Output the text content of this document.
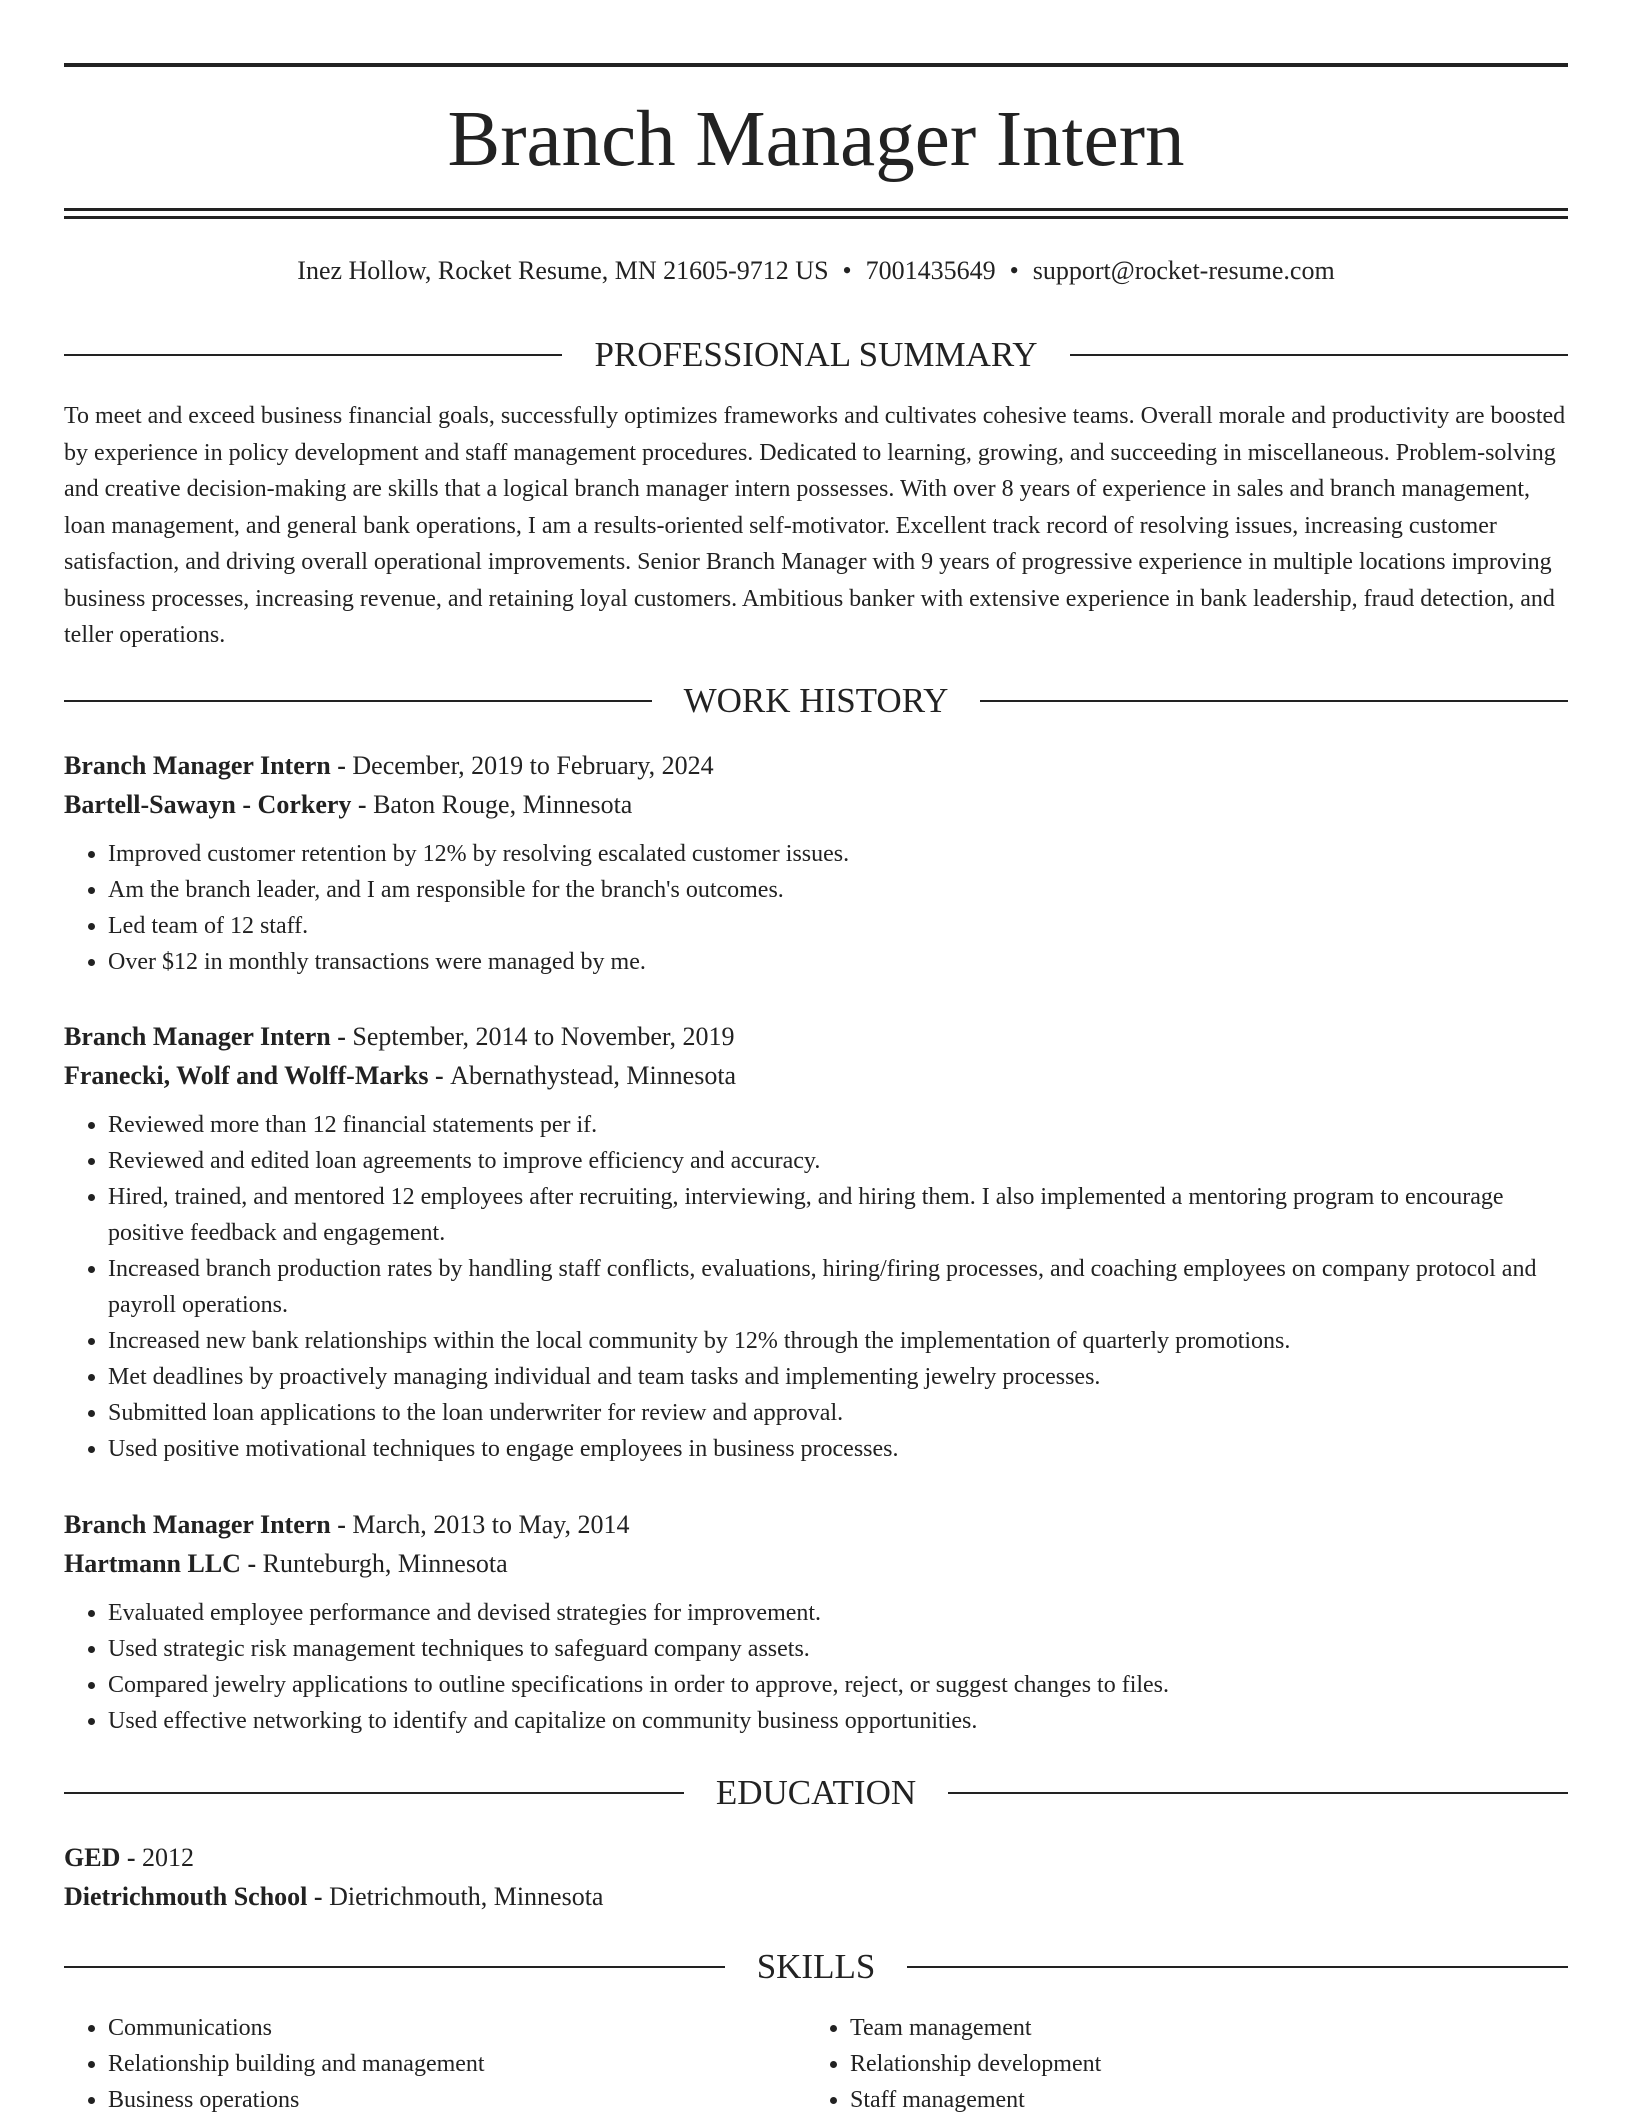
Branch Manager Intern
Inez Hollow, Rocket Resume, MN 21605-9712 US • 7001435649 • support@rocket-resume.com
PROFESSIONAL SUMMARY

To meet and exceed business financial goals, successfully optimizes frameworks and cultivates cohesive teams. Overall morale and productivity are boosted by experience in policy development and staff management procedures. Dedicated to learning, growing, and succeeding in miscellaneous. Problem-solving and creative decision-making are skills that a logical branch manager intern possesses. With over 8 years of experience in sales and branch management, loan management, and general bank operations, I am a results-oriented self-motivator. Excellent track record of resolving issues, increasing customer satisfaction, and driving overall operational improvements. Senior Branch Manager with 9 years of progressive experience in multiple locations improving business processes, increasing revenue, and retaining loyal customers. Ambitious banker with extensive experience in bank leadership, fraud detection, and teller operations.

WORK HISTORY
Branch Manager Intern - December, 2019 to February, 2024
Bartell-Sawayn - Corkery - Baton Rouge, Minnesota
• Improved customer retention by 12% by resolving escalated customer issues.
• Am the branch leader, and I am responsible for the branch's outcomes.
• Led team of 12 staff.
• Over $12 in monthly transactions were managed by me.
Branch Manager Intern - September, 2014 to November, 2019
Franecki, Wolf and Wolff-Marks - Abernathystead, Minnesota
• Reviewed more than 12 financial statements per if.
• Reviewed and edited loan agreements to improve efficiency and accuracy.
• Hired, trained, and mentored 12 employees after recruiting, interviewing, and hiring them. I also implemented a mentoring program to encourage positive feedback and engagement.
• Increased branch production rates by handling staff conflicts, evaluations, hiring/firing processes, and coaching employees on company protocol and payroll operations.
• Increased new bank relationships within the local community by 12% through the implementation of quarterly promotions.
• Met deadlines by proactively managing individual and team tasks and implementing jewelry processes.
• Submitted loan applications to the loan underwriter for review and approval.
• Used positive motivational techniques to engage employees in business processes.
Branch Manager Intern - March, 2013 to May, 2014
Hartmann LLC - Runteburgh, Minnesota
• Evaluated employee performance and devised strategies for improvement.
• Used strategic risk management techniques to safeguard company assets.
• Compared jewelry applications to outline specifications in order to approve, reject, or suggest changes to files.
• Used effective networking to identify and capitalize on community business opportunities.
EDUCATION
GED - 2012
Dietrichmouth School - Dietrichmouth, Minnesota
SKILLS
• Communications
• Relationship building and management
• Business operations
• Team management
• Relationship development
• Staff management
